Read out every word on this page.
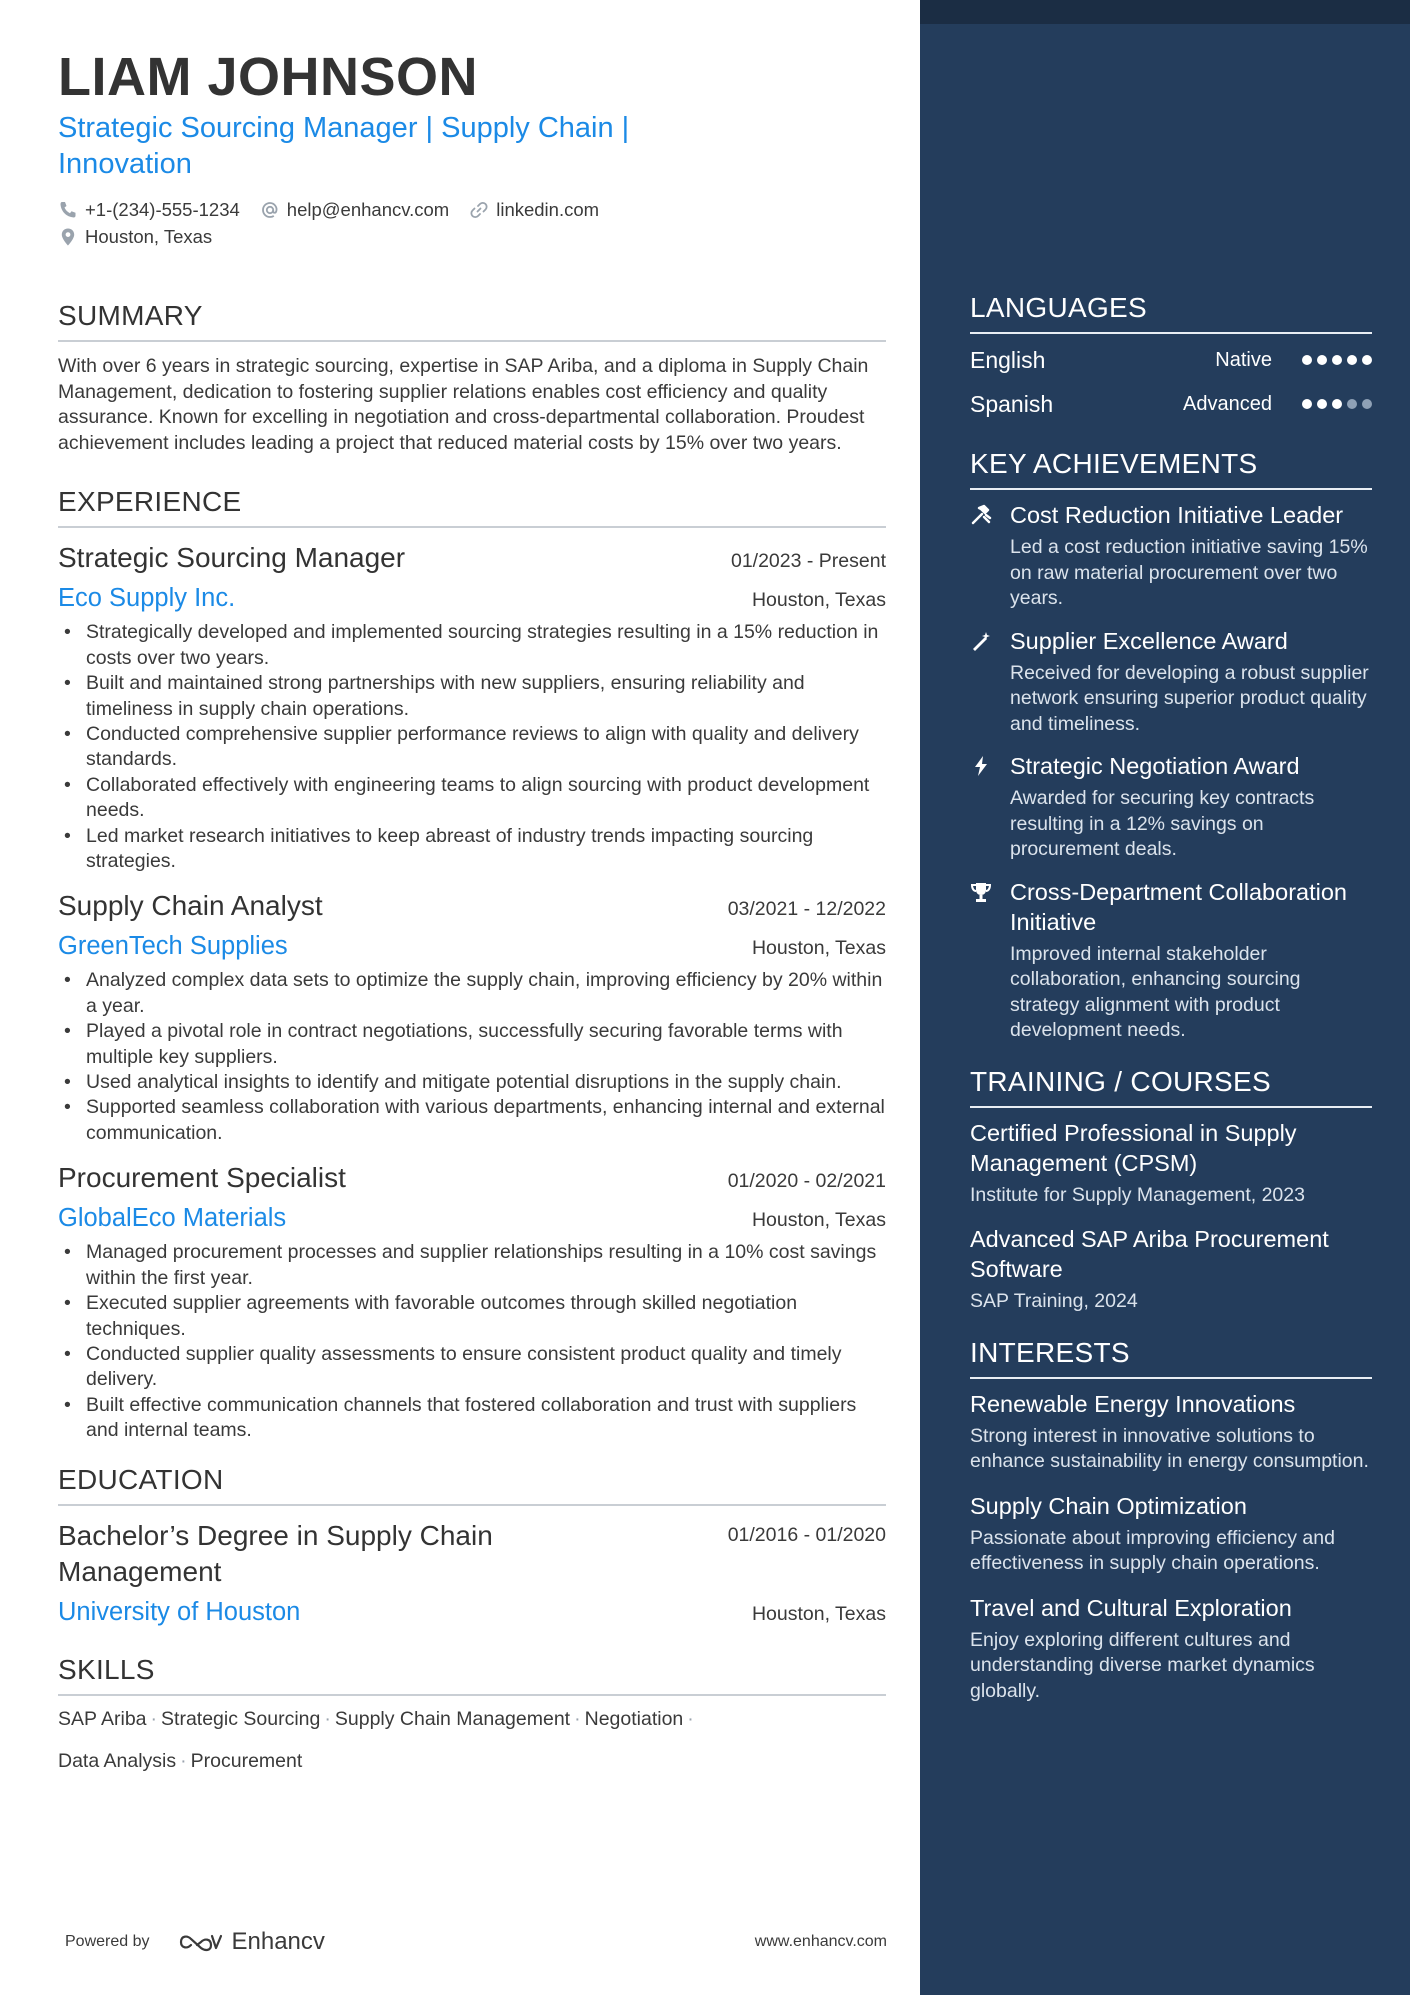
LIAM JOHNSON
Strategic Sourcing Manager | Supply Chain | Innovation
+1-(234)-555-1234	help@enhancv.com	linkedin.com
Houston, Texas
SUMMARY
With over 6 years in strategic sourcing, expertise in SAP Ariba, and a diploma in Supply Chain Management, dedication to fostering supplier relations enables cost efficiency and quality assurance. Known for excelling in negotiation and cross-departmental collaboration. Proudest achievement includes leading a project that reduced material costs by 15% over two years.
EXPERIENCE
Strategic Sourcing Manager	01/2023 - Present
Eco Supply Inc.	Houston, Texas
• Strategically developed and implemented sourcing strategies resulting in a 15% reduction in costs over two years.
• Built and maintained strong partnerships with new suppliers, ensuring reliability and timeliness in supply chain operations.
• Conducted comprehensive supplier performance reviews to align with quality and delivery standards.
• Collaborated effectively with engineering teams to align sourcing with product development needs.
• Led market research initiatives to keep abreast of industry trends impacting sourcing strategies.
Supply Chain Analyst	03/2021 - 12/2022
GreenTech Supplies	Houston, Texas
• Analyzed complex data sets to optimize the supply chain, improving efficiency by 20% within a year.
• Played a pivotal role in contract negotiations, successfully securing favorable terms with multiple key suppliers.
• Used analytical insights to identify and mitigate potential disruptions in the supply chain.
• Supported seamless collaboration with various departments, enhancing internal and external communication.
Procurement Specialist	01/2020 - 02/2021
GlobalEco Materials	Houston, Texas
• Managed procurement processes and supplier relationships resulting in a 10% cost savings within the first year.
• Executed supplier agreements with favorable outcomes through skilled negotiation techniques.
• Conducted supplier quality assessments to ensure consistent product quality and timely delivery.
• Built effective communication channels that fostered collaboration and trust with suppliers and internal teams.
EDUCATION
Bachelor’s Degree in Supply Chain Management
01/2016 - 01/2020
University of Houston	Houston, Texas
SKILLS
SAP Ariba · Strategic Sourcing · Supply Chain Management · Negotiation ·
Data Analysis · Procurement
Powered by	Enhancv	www.enhancv.com
LANGUAGES
English	Native
Spanish	Advanced
KEY ACHIEVEMENTS
Cost Reduction Initiative Leader
Led a cost reduction initiative saving 15% on raw material procurement over two years.
Supplier Excellence Award
Received for developing a robust supplier network ensuring superior product quality and timeliness.
Strategic Negotiation Award
Awarded for securing key contracts resulting in a 12% savings on procurement deals.
Cross-Department Collaboration Initiative
Improved internal stakeholder collaboration, enhancing sourcing strategy alignment with product development needs.
TRAINING / COURSES
Certified Professional in Supply Management (CPSM)
Institute for Supply Management, 2023
Advanced SAP Ariba Procurement Software
SAP Training, 2024
INTERESTS
Renewable Energy Innovations
Strong interest in innovative solutions to enhance sustainability in energy consumption.
Supply Chain Optimization
Passionate about improving efficiency and effectiveness in supply chain operations.
Travel and Cultural Exploration
Enjoy exploring different cultures and understanding diverse market dynamics globally.
